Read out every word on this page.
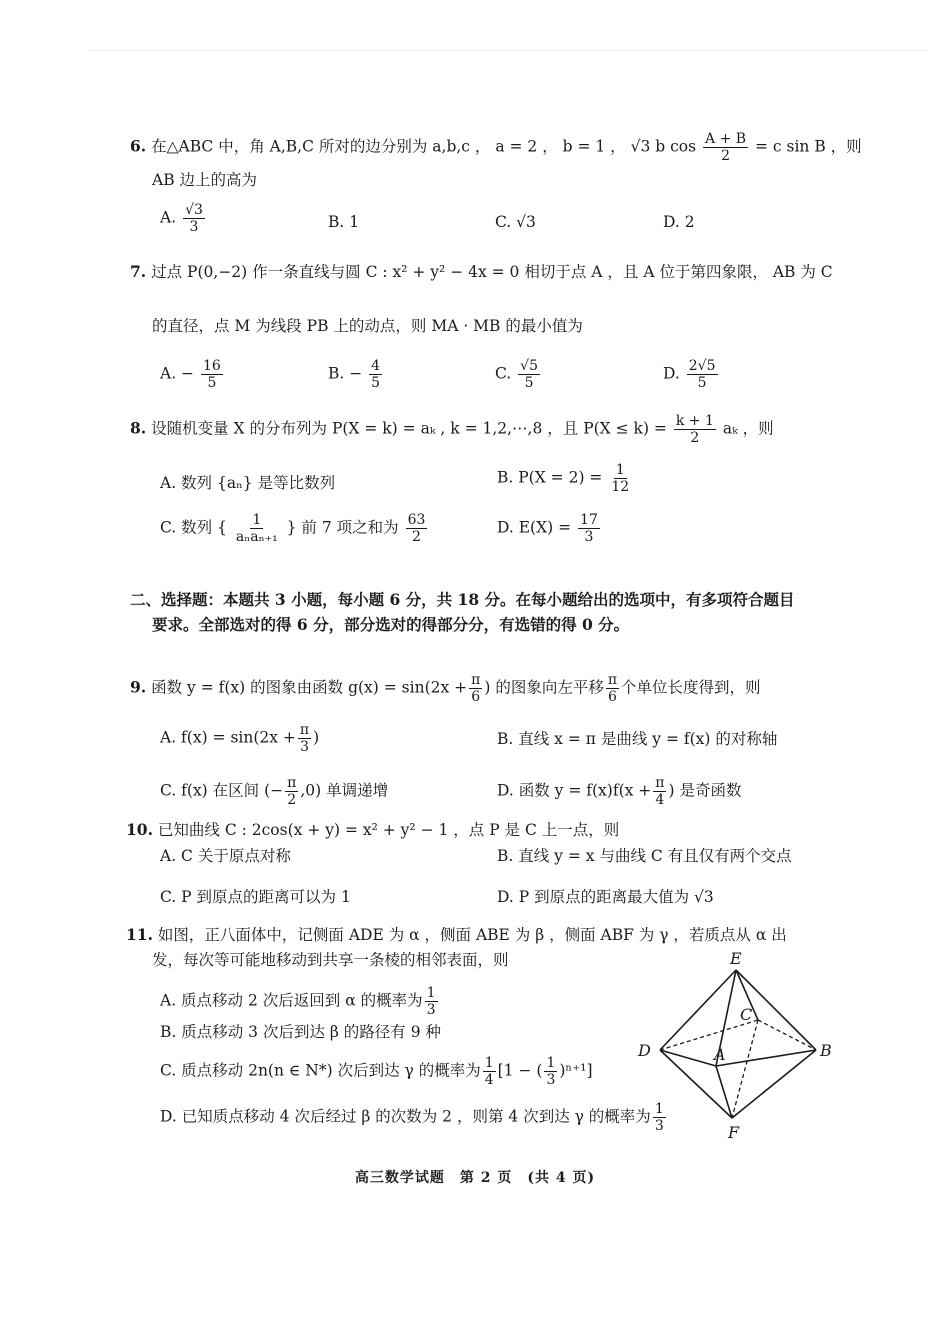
6. 在△ABC 中，角 A,B,C 所对的边分别为 a,b,c ， a = 2 ， b = 1 ， √3 b $\cos \frac{A + B}{2} = c$ sin B ，则
AB 边上的高为
A. $\frac{√3}{3}$	B. 1	C. √3	D. 2
7. 过点 P(0,−2) 作一条直线与圆 C : x² + y² − 4x = 0 相切于点 A ，且 A 位于第四象限， AB 为 C
的直径，点 M 为线段 PB 上的动点，则 MA · MB 的最小值为
A. − $\frac{16}{5}$	B. − $\frac{4}{5}$	C. $\frac{√5}{5}$	D. $\frac{2√5}{5}$
8. 设随机变量 X 的分布列为 P(X = k) = aₖ , k = 1,2,⋯,8 ，且 $P(X \le k) = \frac{k + 1}{2}$ aₖ ，则
A. 数列 {aₙ} 是等比数列	B. $P(X = 2) = \frac{1}{12}$
C. 数列 { $\frac{1}{\text{aₙaₙ₊₁}}$ } 前 7 项之和为 $\frac{63}{2}$	D. $E(X) = \frac{17}{3}$
二、选择题：本题共 3 小题，每小题 6 分，共 18 分。在每小题给出的选项中，有多项符合题目
要求。全部选对的得 6 分，部分选对的得部分分，有选错的得 0 分。
9. 函数 y = f(x) 的图象由函数 $g(x) = \sin(2x + \frac{\pi}{6}$ ) 的图象向左平移 $\frac{\pi}{6}$ 个单位长度得到，则
A. $f(x) = \sin(2x + \frac{\pi}{3}$ )	B. 直线 x = π 是曲线 y = f(x) 的对称轴
C. f(x) 在区间 (− $\frac{\pi}{2} ,0$) 单调递增	D. 函数 $y = f(x)f(x + \frac{\pi}{4}$ ) 是奇函数
10. 已知曲线 C : 2cos(x + y) = x² + y² − 1 ，点 P 是 C 上一点，则
A. C 关于原点对称	B. 直线 y = x 与曲线 C 有且仅有两个交点
C. P 到原点的距离可以为 1	D. P 到原点的距离最大值为 √3
11. 如图，正八面体中，记侧面 ADE 为 α ，侧面 ABE 为 β ，侧面 ABF 为 γ ，若质点从 α 出
发，每次等可能地移动到共享一条棱的相邻表面，则
A. 质点移动 2 次后返回到 α 的概率为 $\frac{1}{3}$
B. 质点移动 3 次后到达 β 的路径有 9 种
C. 质点移动 2n(n ∈ N*) 次后到达 γ 的概率为 $\frac{1}{4} [1$ − ( $\frac{1}{3} )^{n+1}$]
D. 已知质点移动 4 次后经过 β 的次数为 2 ，则第 4 次到达 γ 的概率为 $\frac{1}{3}$
E
C
D	A	B
F
高三数学试题　第 2 页　(共 4 页)
